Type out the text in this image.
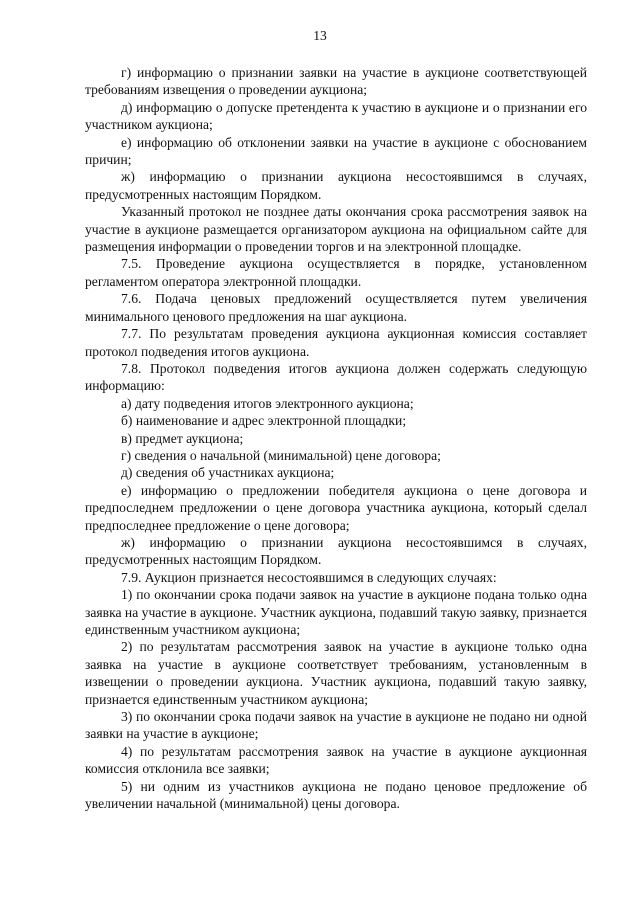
13

г) информацию о признании заявки на участие в аукционе соответствующей требованиям извещения о проведении аукциона;

д) информацию о допуске претендента к участию в аукционе и о признании его участником аукциона;

е) информацию об отклонении заявки на участие в аукционе с обоснованием причин;

ж) информацию о признании аукциона несостоявшимся в случаях, предусмотренных настоящим Порядком.

Указанный протокол не позднее даты окончания срока рассмотрения заявок на участие в аукционе размещается организатором аукциона на официальном сайте для размещения информации о проведении торгов и на электронной площадке.

7.5. Проведение аукциона осуществляется в порядке, установленном регламентом оператора электронной площадки.

7.6. Подача ценовых предложений осуществляется путем увеличения минимального ценового предложения на шаг аукциона.

7.7. По результатам проведения аукциона аукционная комиссия составляет протокол подведения итогов аукциона.

7.8. Протокол подведения итогов аукциона должен содержать следующую информацию:

а) дату подведения итогов электронного аукциона;

б) наименование и адрес электронной площадки;

в) предмет аукциона;

г) сведения о начальной (минимальной) цене договора;

д) сведения об участниках аукциона;

е) информацию о предложении победителя аукциона о цене договора и предпоследнем предложении о цене договора участника аукциона, который сделал предпоследнее предложение о цене договора;

ж) информацию о признании аукциона несостоявшимся в случаях, предусмотренных настоящим Порядком.

7.9. Аукцион признается несостоявшимся в следующих случаях:

1) по окончании срока подачи заявок на участие в аукционе подана только одна заявка на участие в аукционе. Участник аукциона, подавший такую заявку, признается единственным участником аукциона;

2) по результатам рассмотрения заявок на участие в аукционе только одна заявка на участие в аукционе соответствует требованиям, установленным в извещении о проведении аукциона. Участник аукциона, подавший такую заявку, признается единственным участником аукциона;

3) по окончании срока подачи заявок на участие в аукционе не подано ни одной заявки на участие в аукционе;

4) по результатам рассмотрения заявок на участие в аукционе аукционная комиссия отклонила все заявки;

5) ни одним из участников аукциона не подано ценовое предложение об увеличении начальной (минимальной) цены договора.
